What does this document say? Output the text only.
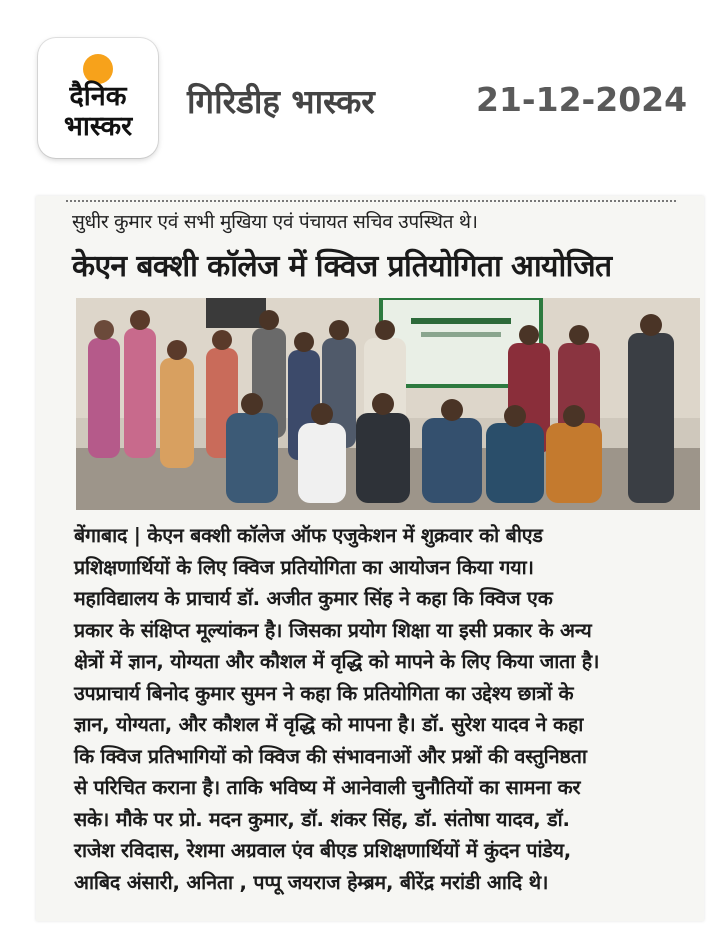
दैनिक
भास्कर
गिरिडीह भास्कर	21-12-2024
सुधीर कुमार एवं सभी मुखिया एवं पंचायत सचिव उपस्थित थे।
केएन बक्शी कॉलेज में क्विज प्रतियोगिता आयोजित
बेंगाबाद | केएन बक्शी कॉलेज ऑफ एजुकेशन में शुक्रवार को बीएड
प्रशिक्षणार्थियों के लिए क्विज प्रतियोगिता का आयोजन किया गया।
महाविद्यालय के प्राचार्य डॉ. अजीत कुमार सिंह ने कहा कि क्विज एक
प्रकार के संक्षिप्त मूल्यांकन है। जिसका प्रयोग शिक्षा या इसी प्रकार के अन्य
क्षेत्रों में ज्ञान, योग्यता और कौशल में वृद्धि को मापने के लिए किया जाता है।
उपप्राचार्य बिनोद कुमार सुमन ने कहा कि प्रतियोगिता का उद्देश्य छात्रों के
ज्ञान, योग्यता, और कौशल में वृद्धि को मापना है। डॉ. सुरेश यादव ने कहा
कि क्विज प्रतिभागियों को क्विज की संभावनाओं और प्रश्नों की वस्तुनिष्ठता
से परिचित कराना है। ताकि भविष्य में आनेवाली चुनौतियों का सामना कर
सके। मौके पर प्रो. मदन कुमार, डॉ. शंकर सिंह, डॉ. संतोषा यादव, डॉ.
राजेश रविदास, रेशमा अग्रवाल एंव बीएड प्रशिक्षणार्थियों में कुंदन पांडेय,
आबिद अंसारी, अनिता , पप्पू जयराज हेम्ब्रम, बीरेंद्र मरांडी आदि थे।
